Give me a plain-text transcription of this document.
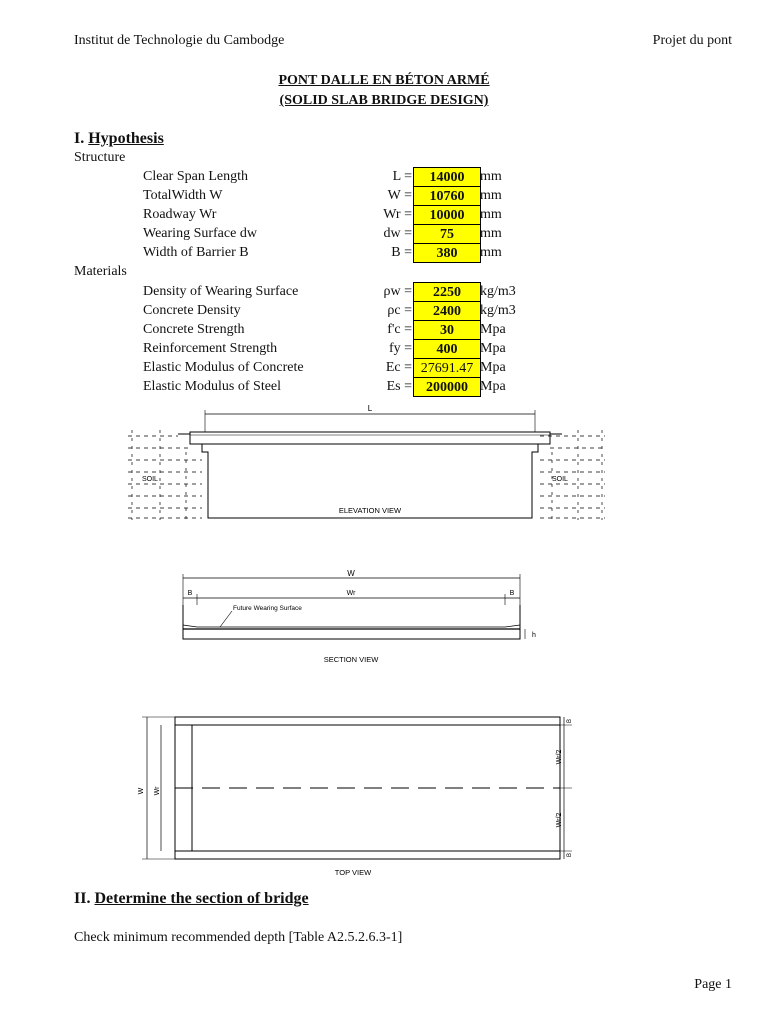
Institut de Technologie du Cambodge	Projet du pont
PONT DALLE EN BÉTON ARMÉ
(SOLID SLAB BRIDGE DESIGN)
I. Hypothesis
Structure
Clear Span Length	L =	14000	mm
TotalWidth W	W =	10760	mm
Roadway Wr	Wr =	10000	mm
Wearing Surface dw	dw =	75	mm
Width of Barrier B	B =	380	mm
Materials
Density of Wearing Surface	ρw =	2250	kg/m3
Concrete Density	ρc =	2400	kg/m3
Concrete Strength	f'c =	30	Mpa
Reinforcement Strength	fy =	400	Mpa
Elastic Modulus of Concrete	Ec = 27691.47 Mpa
Elastic Modulus of Steel	Es =	200000 Mpa
L
SOIL	SOIL
ELEVATION VIEW
W
B	Wr	B
Future Wearing Surface
h
SECTION VIEW
W Wr
Wr/2
Wr/2
B
B
TOP VIEW
II. Determine the section of bridge
Check minimum recommended depth [Table A2.5.2.6.3-1]
Page 1
